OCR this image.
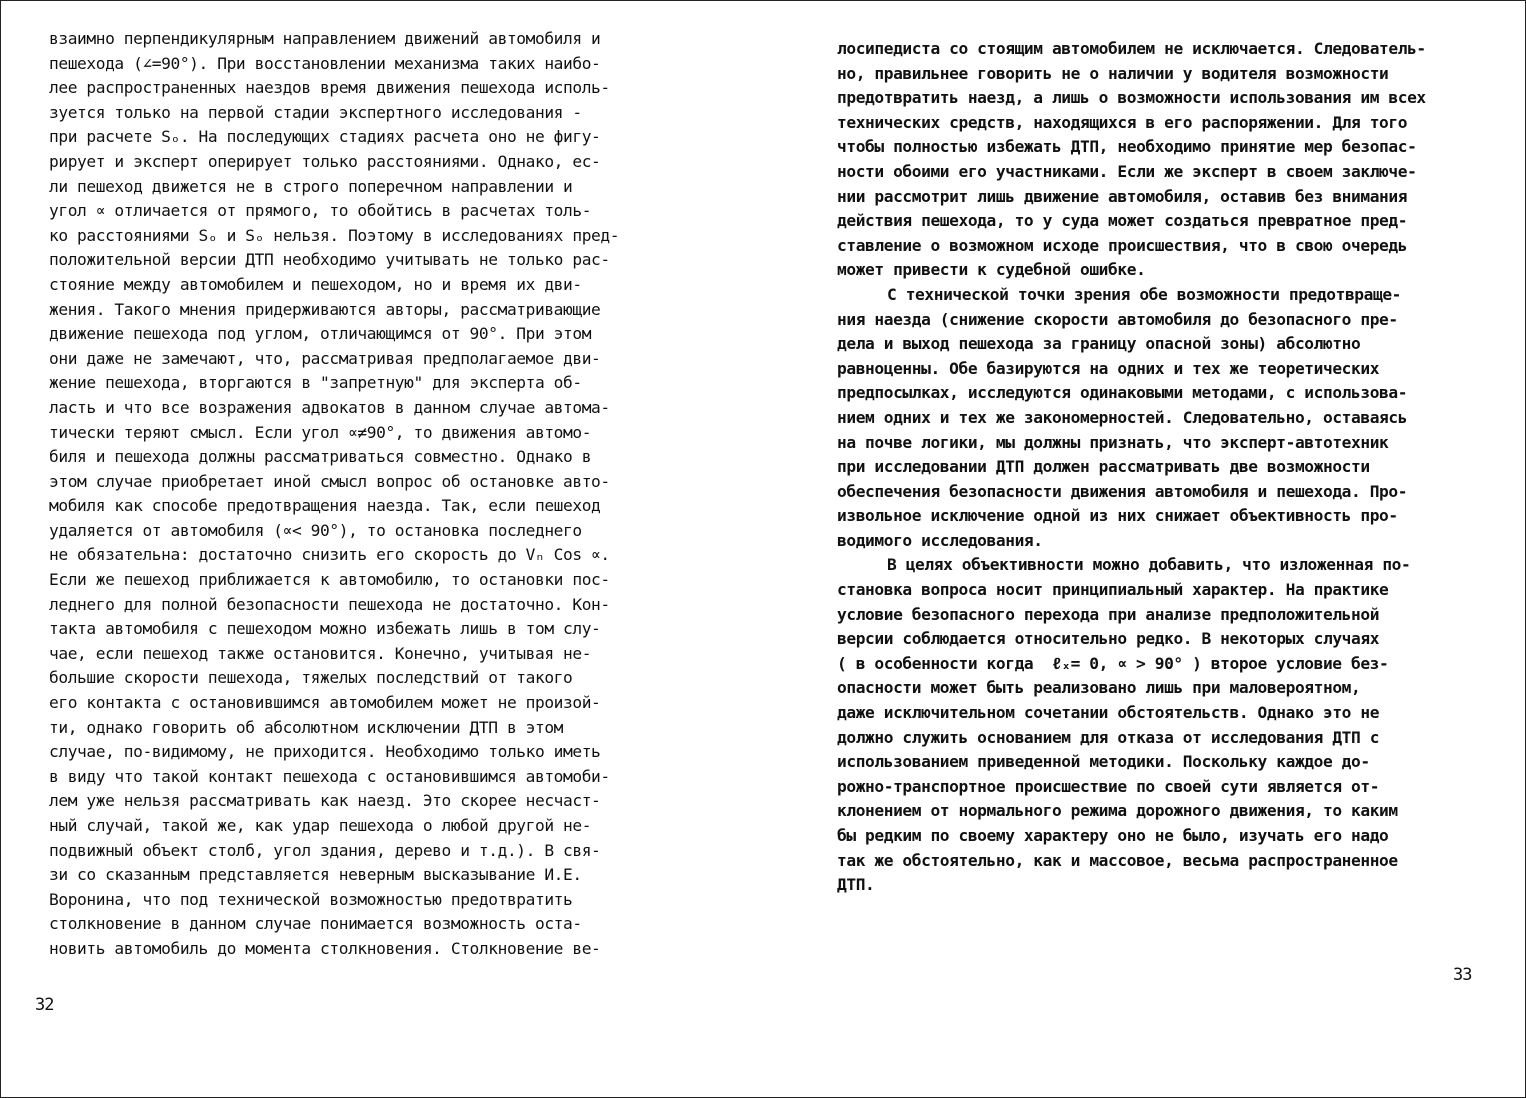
взаимно перпендикулярным направлением движений автомобиля и
пешехода (∠=90°). При восстановлении механизма таких наибо-
лее распространенных наездов время движения пешехода исполь-
зуется только на первой стадии экспертного исследования -
при расчете Ѕₒ. На последующих стадиях расчета оно не фигу-
рирует и эксперт оперирует только расстояниями. Однако, ес-
ли пешеход движется не в строго поперечном направлении и
угол ∝ отличается от прямого, то обойтись в расчетах толь-
ко расстояниями Ѕₒ и Ѕₒ нельзя. Поэтому в исследованиях пред-
положительной версии ДТП необходимо учитывать не только рас-
стояние между автомобилем и пешеходом, но и время их дви-
жения. Такого мнения придерживаются авторы, рассматривающие
движение пешехода под углом, отличающимся от 90°. При этом
они даже не замечают, что, рассматривая предполагаемое дви-
жение пешехода, вторгаются в "запретную" для эксперта об-
ласть и что все возражения адвокатов в данном случае автома-
тически теряют смысл. Если угол ∝≠90°, то движения автомо-
биля и пешехода должны рассматриваться совместно. Однако в
этом случае приобретает иной смысл вопрос об остановке авто-
мобиля как способе предотвращения наезда. Так, если пешеход
удаляется от автомобиля (∝< 90°), то остановка последнего
не обязательна: достаточно снизить его скорость до Vₙ Cos ∝.
Если же пешеход приближается к автомобилю, то остановки пос-
леднего для полной безопасности пешехода не достаточно. Кон-
такта автомобиля с пешеходом можно избежать лишь в том слу-
чае, если пешеход также остановится. Конечно, учитывая не-
большие скорости пешехода, тяжелых последствий от такого
его контакта с остановившимся автомобилем может не произой-
ти, однако говорить об абсолютном исключении ДТП в этом
случае, по-видимому, не приходится. Необходимо только иметь
в виду что такой контакт пешехода с остановившимся автомоби-
лем уже нельзя рассматривать как наезд. Это скорее несчаст-
ный случай, такой же, как удар пешехода о любой другой не-
подвижный объект столб, угол здания, дерево и т.д.). В свя-
зи со сказанным представляется неверным высказывание И.Е.
Воронина, что под технической возможностью предотвратить
столкновение в данном случае понимается возможность оста-
новить автомобиль до момента столкновения. Столкновение ве-
32
лосипедиста со стоящим автомобилем не исключается. Следователь-
но, правильнее говорить не о наличии у водителя возможности
предотвратить наезд, а лишь о возможности использования им всех
технических средств, находящихся в его распоряжении. Для того
чтобы полностью избежать ДТП, необходимо принятие мер безопас-
ности обоими его участниками. Если же эксперт в своем заключе-
нии рассмотрит лишь движение автомобиля, оставив без внимания
действия пешехода, то у суда может создаться превратное пред-
ставление о возможном исходе происшествия, что в свою очередь
может привести к судебной ошибке.
С технической точки зрения обе возможности предотвраще-
ния наезда (снижение скорости автомобиля до безопасного пре-
дела и выход пешехода за границу опасной зоны) абсолютно
равноценны. Обе базируются на одних и тех же теоретических
предпосылках, исследуются одинаковыми методами, с использова-
нием одних и тех же закономерностей. Следовательно, оставаясь
на почве логики, мы должны признать, что эксперт-автотехник
при исследовании ДТП должен рассматривать две возможности
обеспечения безопасности движения автомобиля и пешехода. Про-
извольное исключение одной из них снижает объективность про-
водимого исследования.
В целях объективности можно добавить, что изложенная по-
становка вопроса носит принципиальный характер. На практике
условие безопасного перехода при анализе предположительной
версии соблюдается относительно редко. В некоторых случаях
( в особенности когда  ℓₓ= 0, ∝ > 90° ) второе условие без-
опасности может быть реализовано лишь при маловероятном,
даже исключительном сочетании обстоятельств. Однако это не
должно служить основанием для отказа от исследования ДТП с
использованием приведенной методики. Поскольку каждое до-
рожно-транспортное происшествие по своей сути является от-
клонением от нормального режима дорожного движения, то каким
бы редким по своему характеру оно не было, изучать его надо
так же обстоятельно, как и массовое, весьма распространенное
ДТП.
33
